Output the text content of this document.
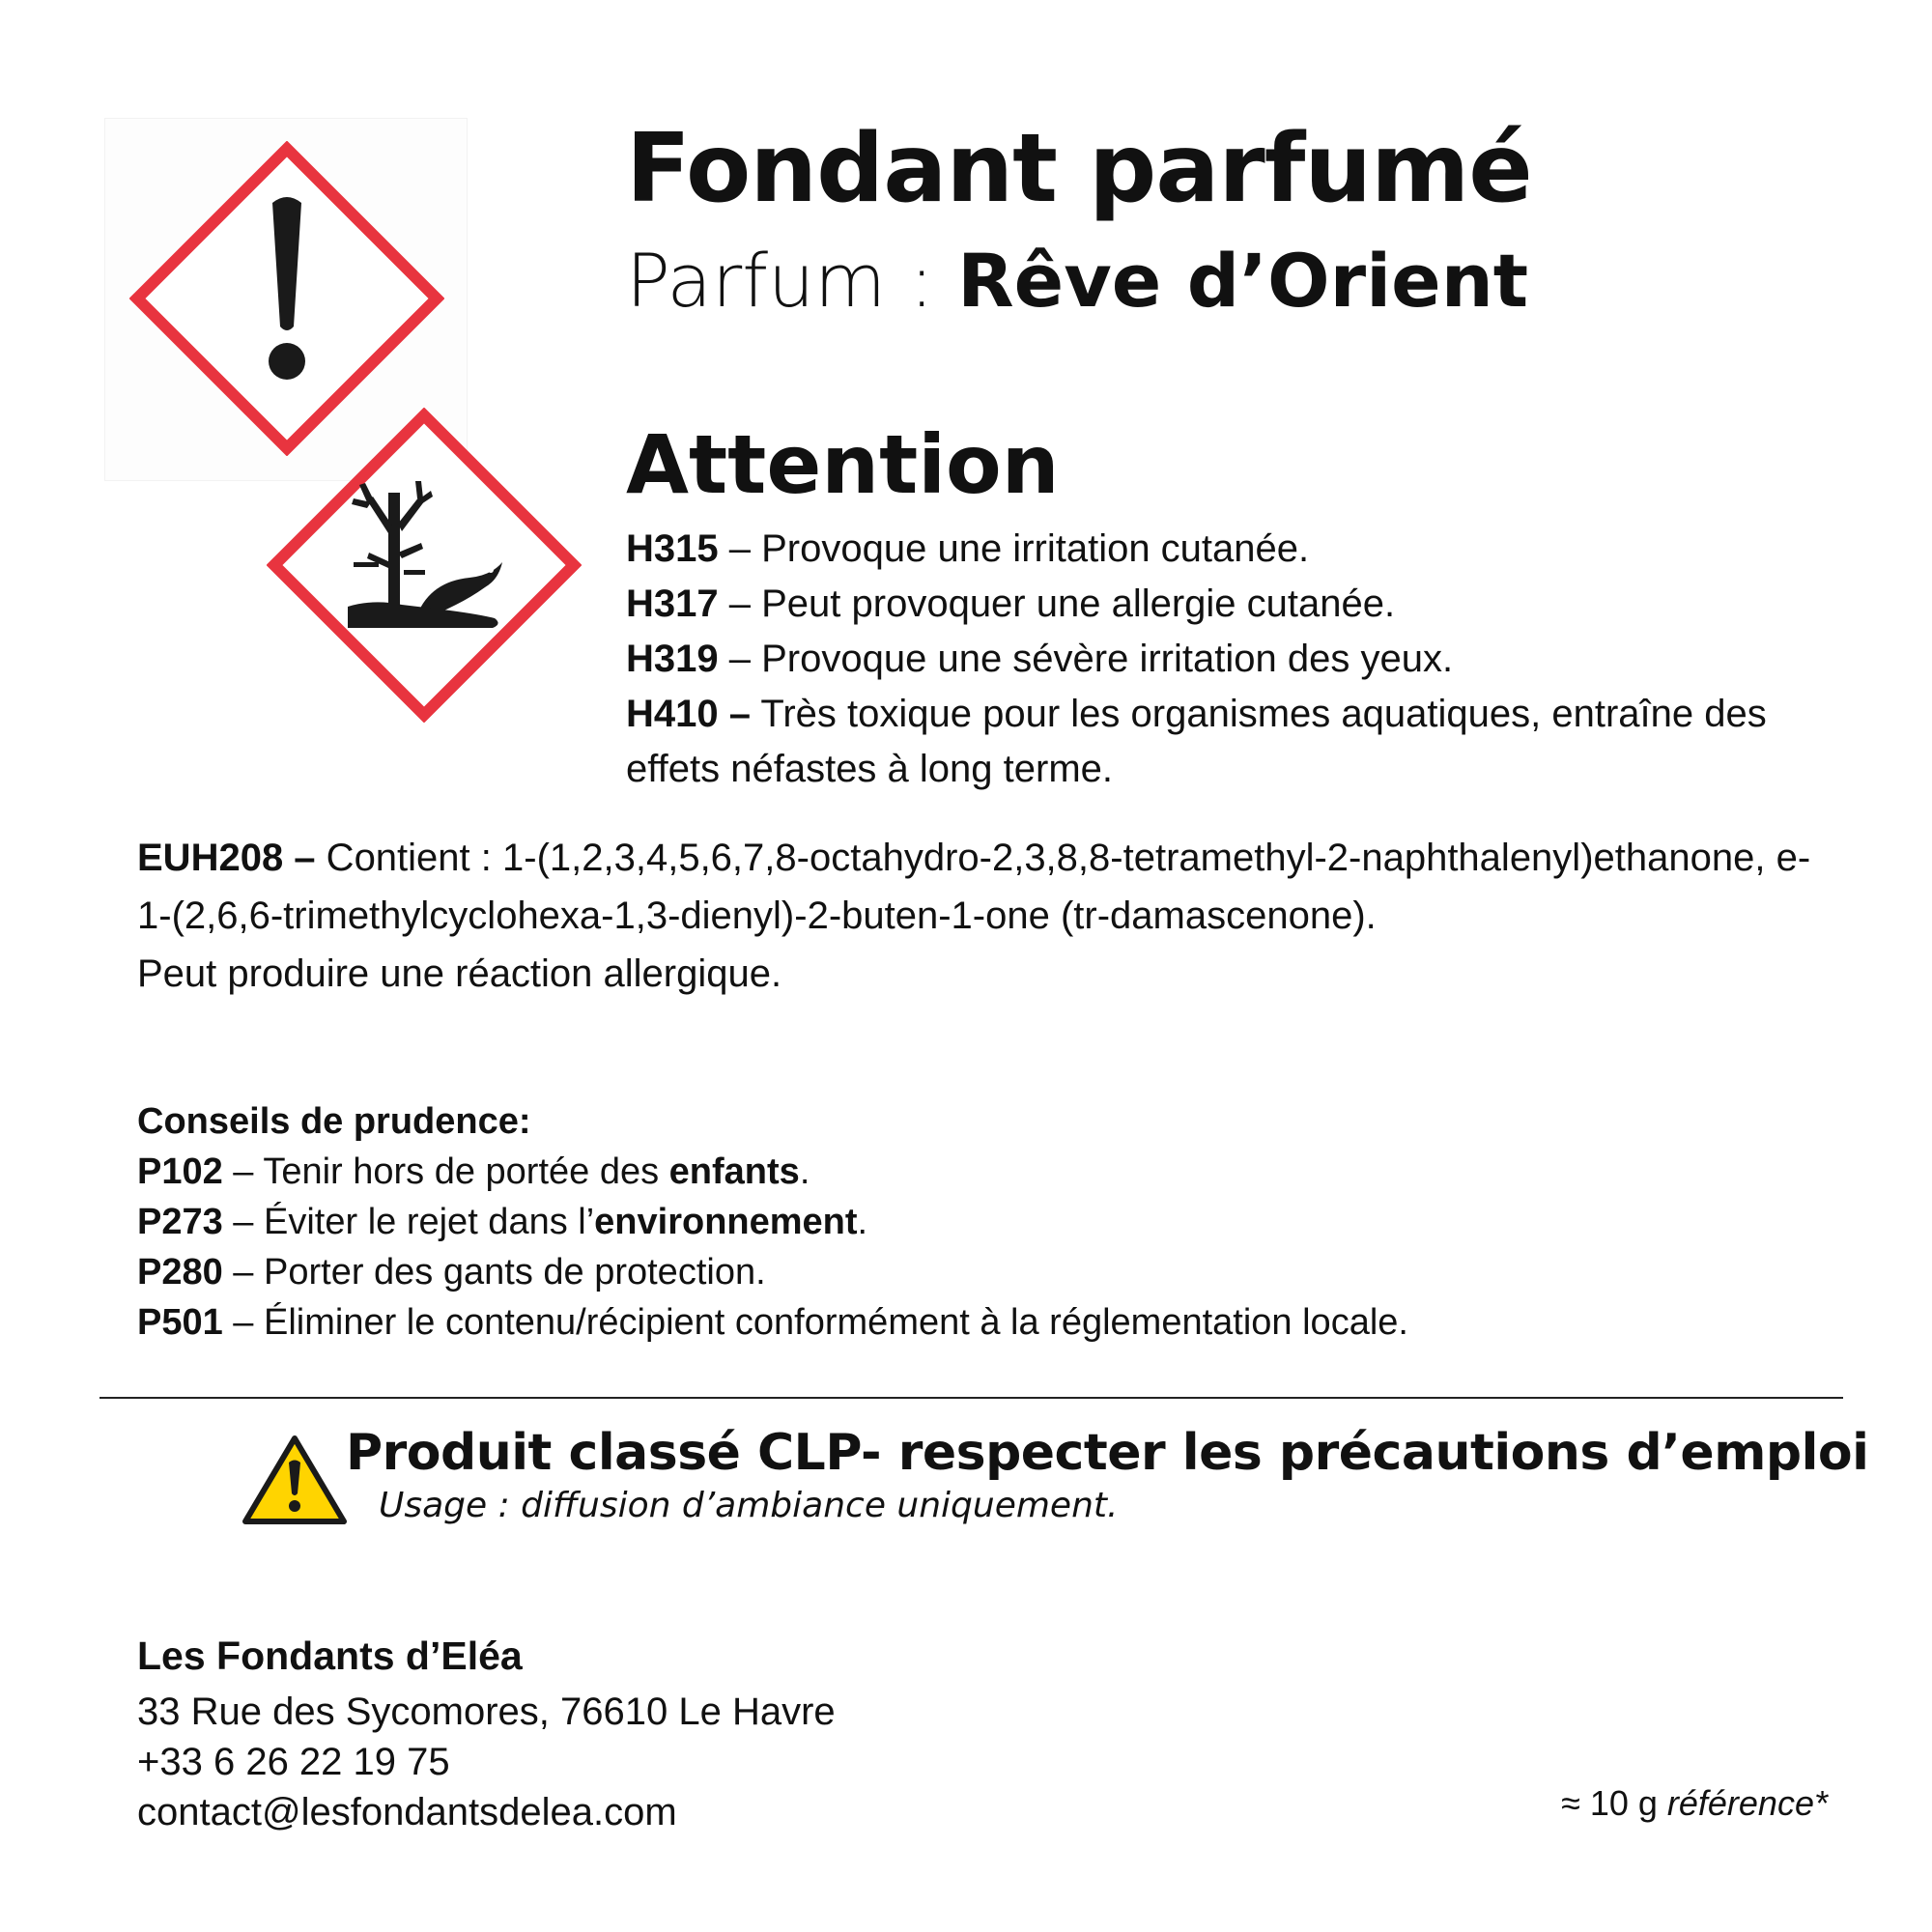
Fondant parfumé
Parfum : Rêve d’Orient
Attention
H315 – Provoque une irritation cutanée.
H317 – Peut provoquer une allergie cutanée.
H319 – Provoque une sévère irritation des yeux.
H410 – Très toxique pour les organismes aquatiques, entraîne des effets néfastes à long terme.
EUH208 – Contient : 1-(1,2,3,4,5,6,7,8-octahydro-2,3,8,8-tetramethyl-2-naphthalenyl)ethanone, e-1-(2,6,6-trimethylcyclohexa-1,3-dienyl)-2-buten-1-one (tr-damascenone).
Peut produire une réaction allergique.
Conseils de prudence:
P102 – Tenir hors de portée des enfants.
P273 – Éviter le rejet dans l’environnement.
P280 – Porter des gants de protection.
P501 – Éliminer le contenu/récipient conformément à la réglementation locale.
Produit classé CLP- respecter les précautions d’emploi
Usage : diffusion d’ambiance uniquement.
Les Fondants d’Eléa
33 Rue des Sycomores, 76610 Le Havre
+33 6 26 22 19 75
contact@lesfondantsdelea.com	≈ 10 g référence*
